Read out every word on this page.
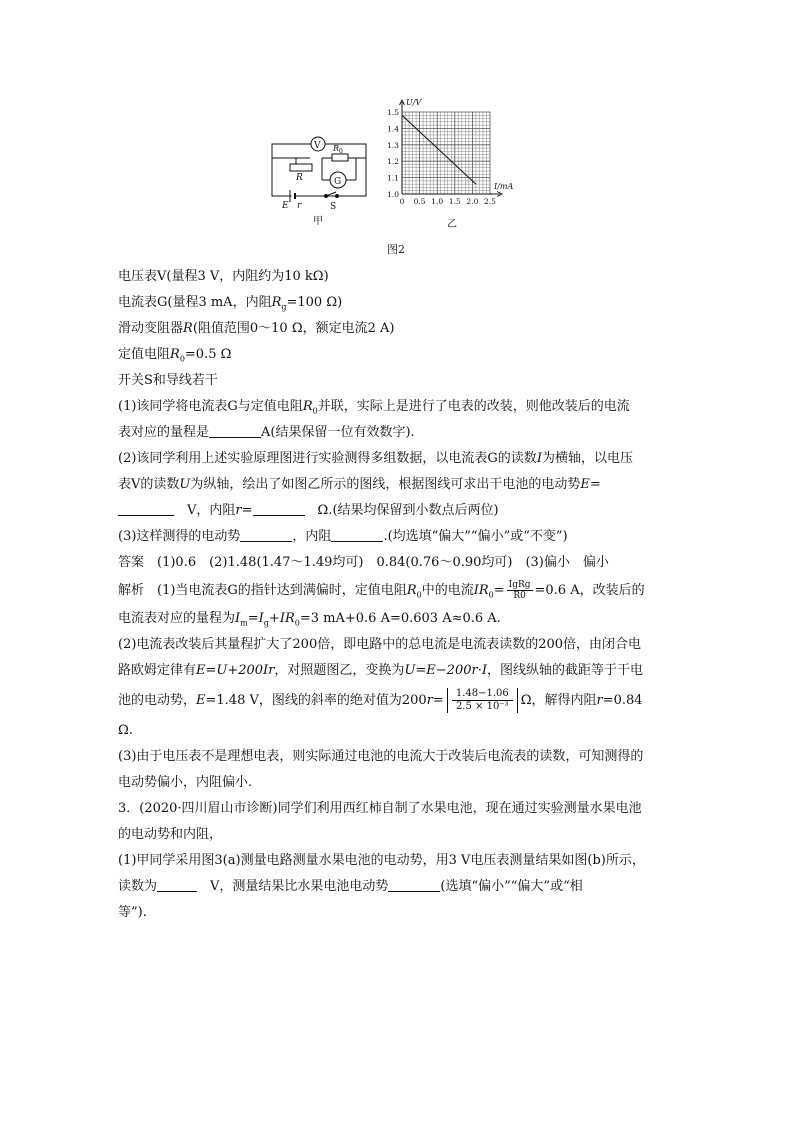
V
G
$R_0$
R
E r	S
甲
1.5
1.4
1.3
1.2
1.1
1.0
0 0.5 1.0 1.5 2.0 2.5
U/V
I/mA
乙
图2
电压表V(量程3 V，内阻约为10 kΩ)
电流表G(量程3 mA，内阻$R_g=100$ Ω)
滑动变阻器R(阻值范围0～10 Ω，额定电流2 A)
定值电阻$R_0=0.5$ Ω
开关S和导线若干
(1)该同学将电流表G与定值电阻$R_0$并联，实际上是进行了电表的改装，则他改装后的电流
表对应的量程是	A(结果保留一位有效数字).
(2)该同学利用上述实验原理图进行实验测得多组数据，以电流表G的读数I为横轴，以电压
表V的读数U为纵轴，绘出了如图乙所示的图线，根据图线可求出干电池的电动势E=
　V，内阻r=　	Ω.(结果均保留到小数点后两位)
(3)这样测得的电动势	，内阻	.(均选填“偏大”“偏小”或“不变”)
答案　(1)0.6　(2)1.48(1.47～1.49均可)　0.84(0.76～0.90均可)　(3)偏小　偏小
解析　(1)当电流表G的指针达到满偏时，定值电阻$R_0$中的电流$IR_0= \frac{\text{IgRg}}{R0} =0.6$ A，改装后的
电流表对应的量程为$I_m=I_g+IR_0=3$ mA+0.6 A=0.603 A≈0.6 A.
(2)电流表改装后其量程扩大了200倍，即电路中的总电流是电流表读数的200倍，由闭合电
路欧姆定律有E=U+200Ir，对照题图乙，变换为U=E−200r·I，图线纵轴的截距等于干电
池的电动势，E=1.48 V，图线的斜率的绝对值为$200r= \frac{1.48-1.06}{\text{2.5 × 10⁻³}}$ Ω，解得内阻r=0.84
Ω.
(3)由于电压表不是理想电表，则实际通过电池的电流大于改装后电流表的读数，可知测得的
电动势偏小，内阻偏小.
3．(2020·四川眉山市诊断)同学们利用西红柿自制了水果电池，现在通过实验测量水果电池
的电动势和内阻，
(1)甲同学采用图3(a)测量电路测量水果电池的电动势，用3 V电压表测量结果如图(b)所示，
读数为　	V，测量结果比水果电池电动势	(选填“偏小”“偏大”或“相
等”).
